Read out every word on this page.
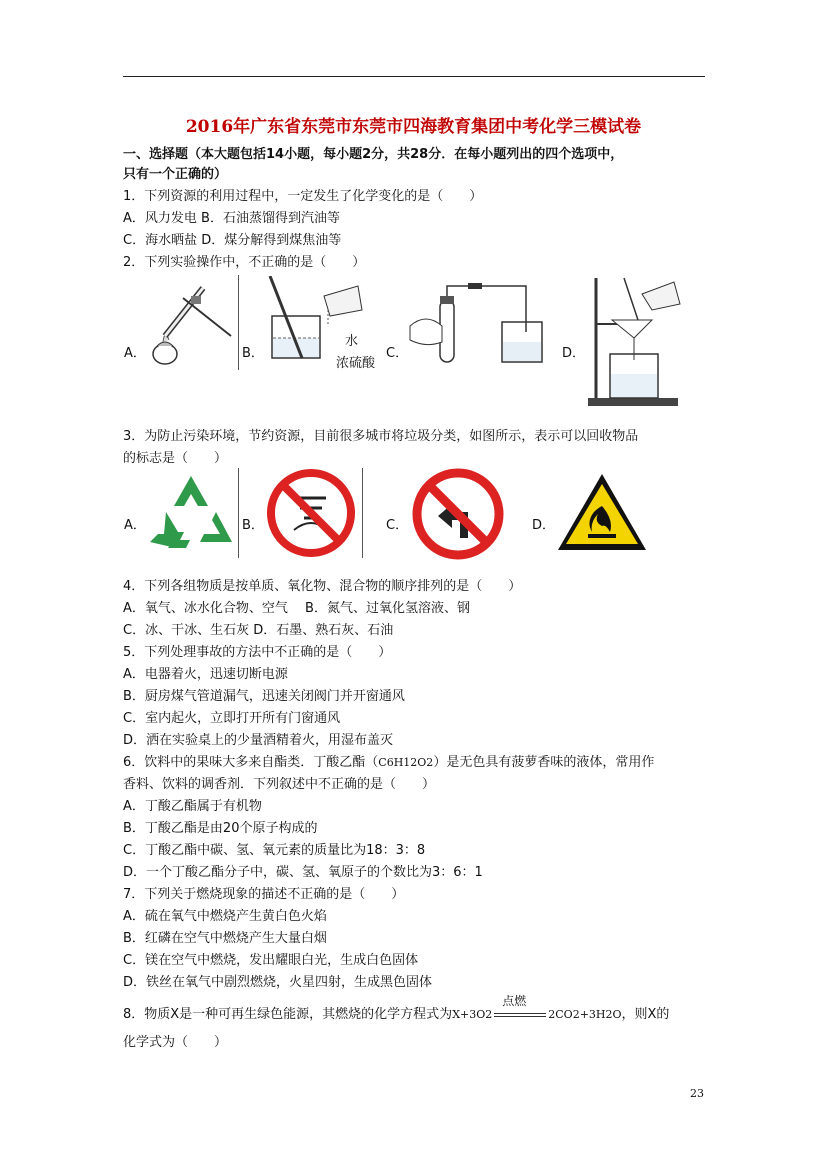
2016年广东省东莞市东莞市四海教育集团中考化学三模试卷
一、选择题（本大题包括14小题，每小题2分，共28分．在每小题列出的四个选项中，
只有一个正确的）
1．下列资源的利用过程中，一定发生了化学变化的是（　　）
A．风力发电 B．石油蒸馏得到汽油等
C．海水晒盐 D．煤分解得到煤焦油等
2．下列实验操作中，不正确的是（　　）
A．	B．
水
浓硫酸
C．	D．
3．为防止污染环境，节约资源，目前很多城市将垃圾分类，如图所示，表示可以回收物品
的标志是（　　）
A．	B．	C．	D．
4．下列各组物质是按单质、氧化物、混合物的顺序排列的是（　　）
A．氧气、冰水化合物、空气　 B．氮气、过氧化氢溶液、钢
C．冰、干冰、生石灰 D．石墨、熟石灰、石油
5．下列处理事故的方法中不正确的是（　　）
A．电器着火，迅速切断电源
B．厨房煤气管道漏气，迅速关闭阀门并开窗通风
C．室内起火，立即打开所有门窗通风
D．洒在实验桌上的少量酒精着火，用湿布盖灭
6．饮料中的果味大多来自酯类．丁酸乙酯（C6H12O2）是无色具有菠萝香味的液体，常用作
香料、饮料的调香剂．下列叙述中不正确的是（　　）
A．丁酸乙酯属于有机物
B．丁酸乙酯是由20个原子构成的
C．丁酸乙酯中碳、氢、氧元素的质量比为18：3：8
D．一个丁酸乙酯分子中，碳、氢、氧原子的个数比为3：6：1
7．下列关于燃烧现象的描述不正确的是（　　）
A．硫在氧气中燃烧产生黄白色火焰
B．红磷在空气中燃烧产生大量白烟
C．镁在空气中燃烧，发出耀眼白光，生成白色固体
D．铁丝在氧气中剧烈燃烧，火星四射，生成黑色固体
8．物质X是一种可再生绿色能源，其燃烧的化学方程式为X+3O2
点燃
2CO2+3H2O，则X的
化学式为（　　）
23
